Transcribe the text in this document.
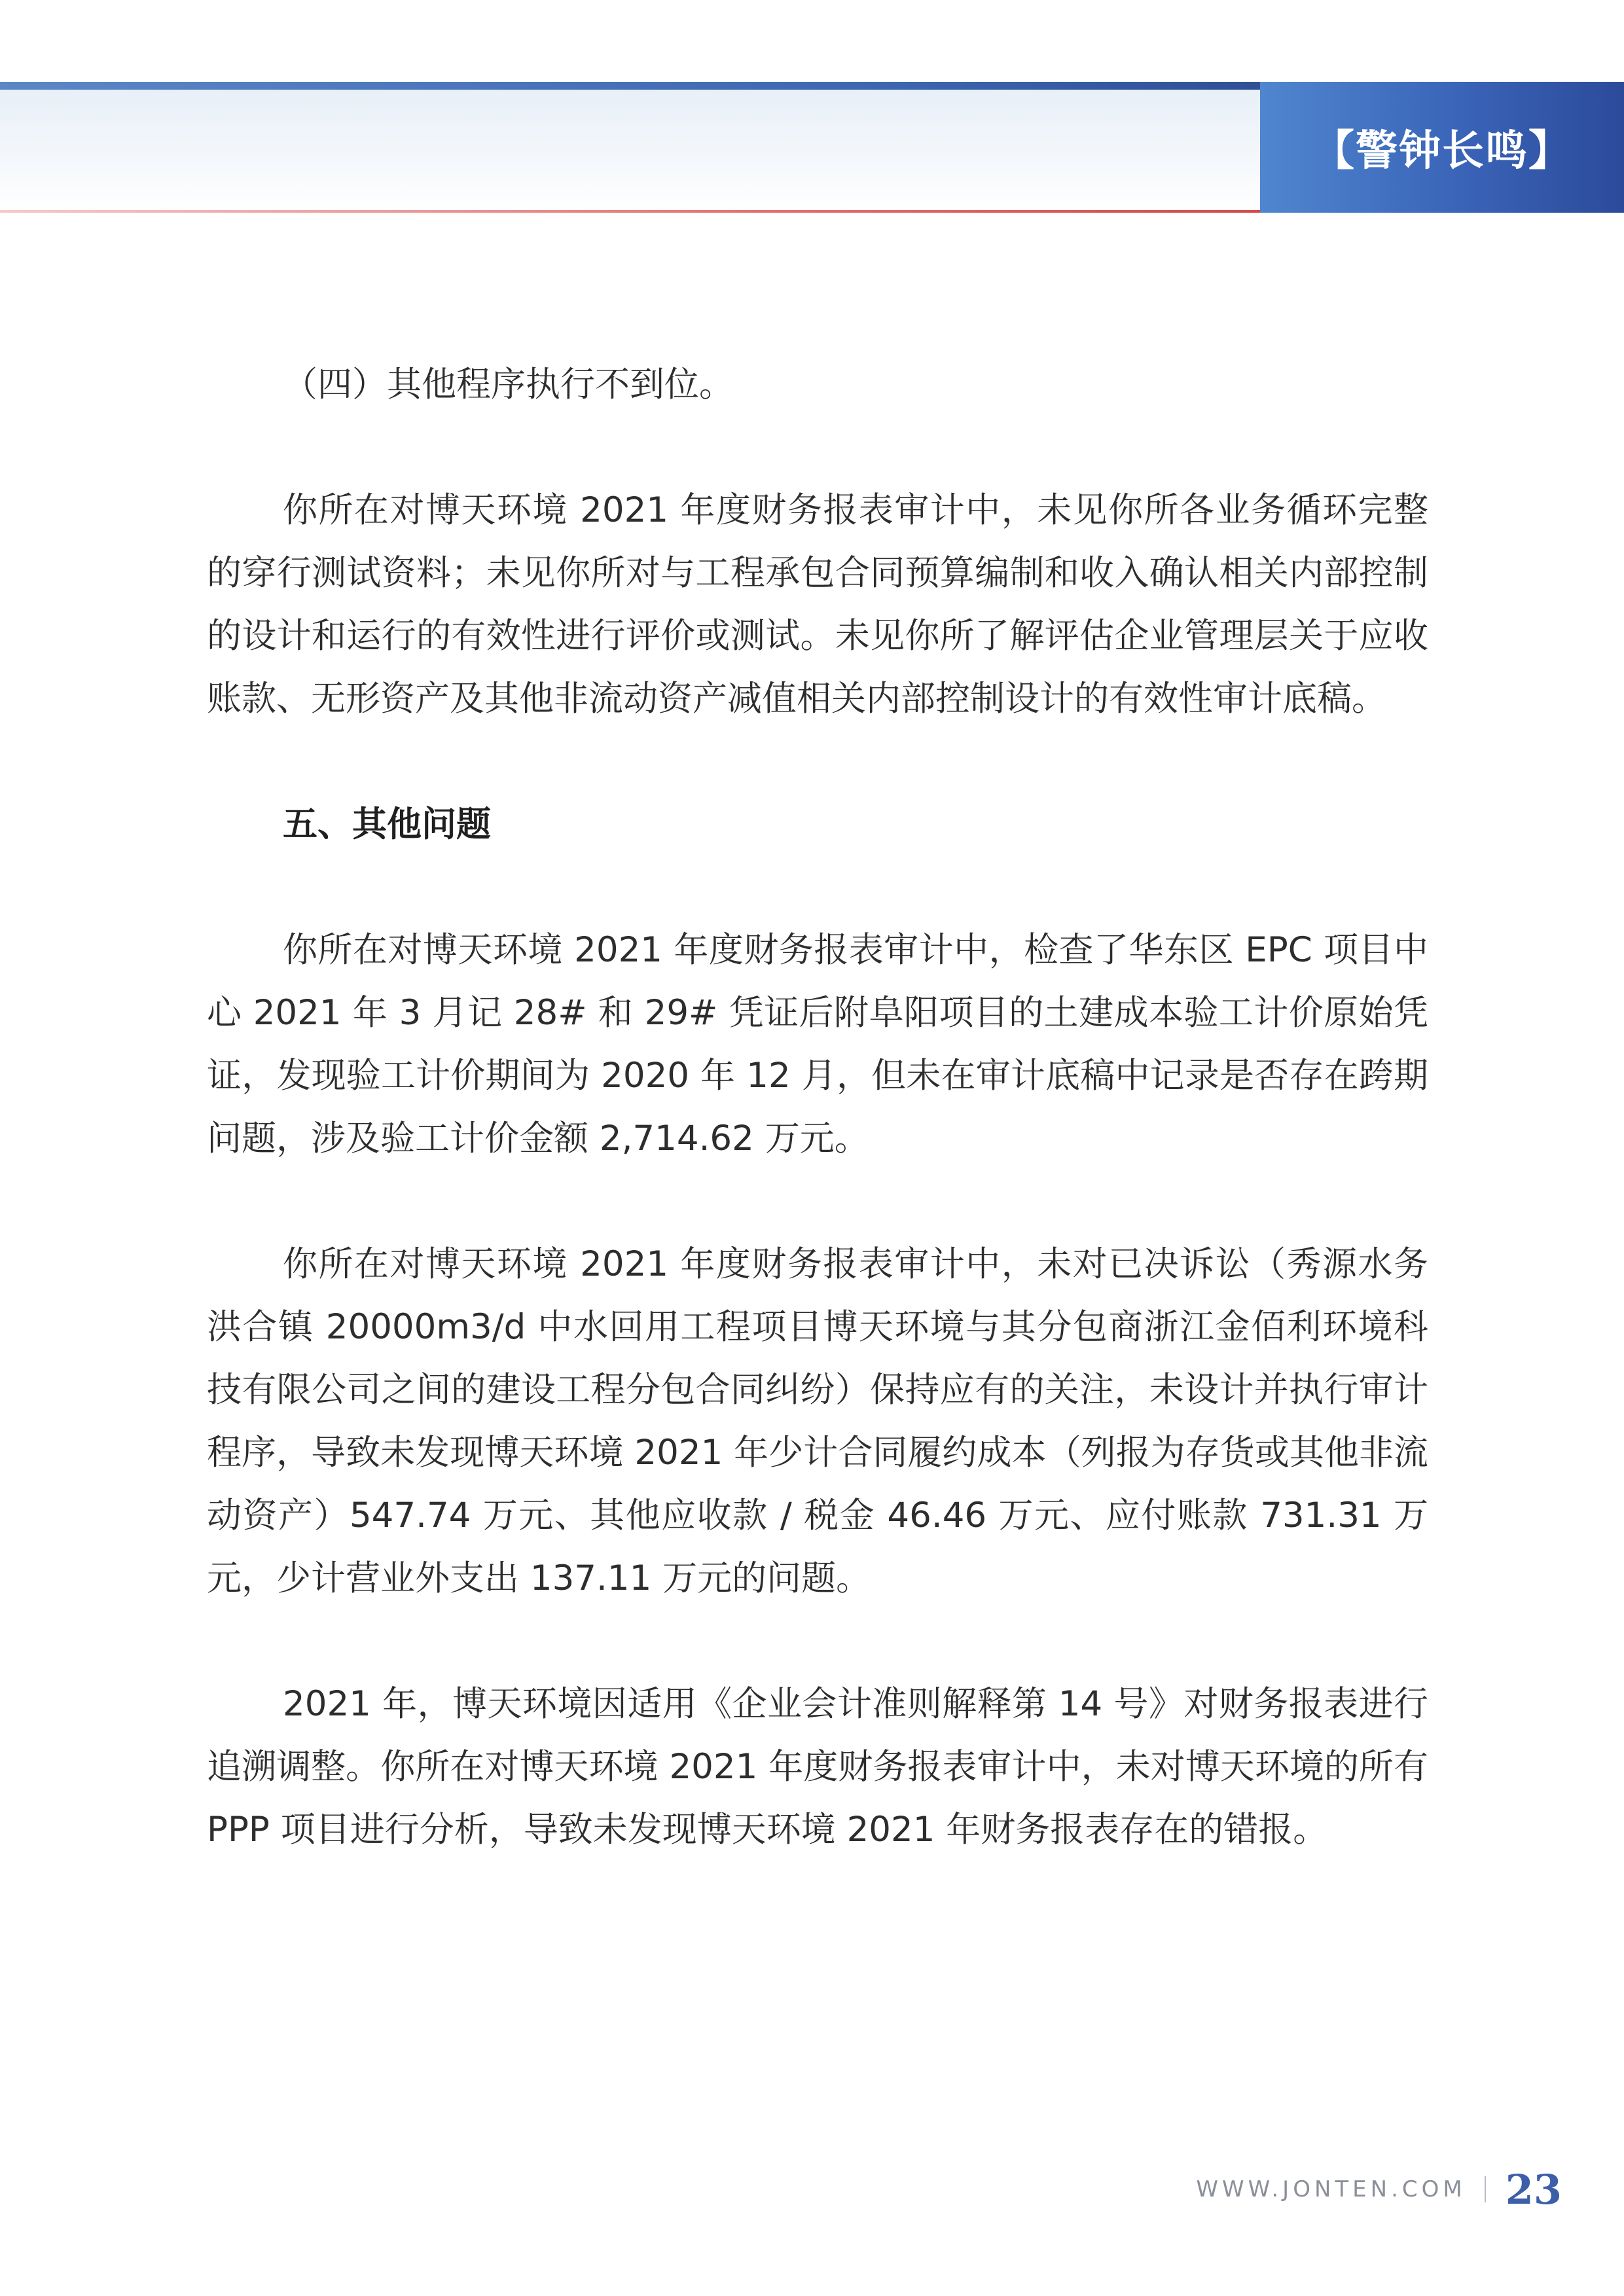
【警钟长鸣】

（四）其他程序执行不到位。

你所在对博天环境 2021 年度财务报表审计中，未见你所各业务循环完整的穿行测试资料；未见你所对与工程承包合同预算编制和收入确认相关内部控制的设计和运行的有效性进行评价或测试。未见你所了解评估企业管理层关于应收账款、无形资产及其他非流动资产减值相关内部控制设计的有效性审计底稿。

五、其他问题

你所在对博天环境 2021 年度财务报表审计中，检查了华东区 EPC 项目中心 2021 年 3 月记 28# 和 29# 凭证后附阜阳项目的土建成本验工计价原始凭证，发现验工计价期间为 2020 年 12 月，但未在审计底稿中记录是否存在跨期问题，涉及验工计价金额 2,714.62 万元。

你所在对博天环境 2021 年度财务报表审计中，未对已决诉讼（秀源水务洪合镇 20000m3/d 中水回用工程项目博天环境与其分包商浙江金佰利环境科技有限公司之间的建设工程分包合同纠纷）保持应有的关注，未设计并执行审计程序，导致未发现博天环境 2021 年少计合同履约成本（列报为存货或其他非流动资产）547.74 万元、其他应收款 / 税金 46.46 万元、应付账款 731.31 万元，少计营业外支出 137.11 万元的问题。

2021 年，博天环境因适用《企业会计准则解释第 14 号》对财务报表进行追溯调整。你所在对博天环境 2021 年度财务报表审计中，未对博天环境的所有 PPP 项目进行分析，导致未发现博天环境 2021 年财务报表存在的错报。

WWW.JONTEN.COM 23
